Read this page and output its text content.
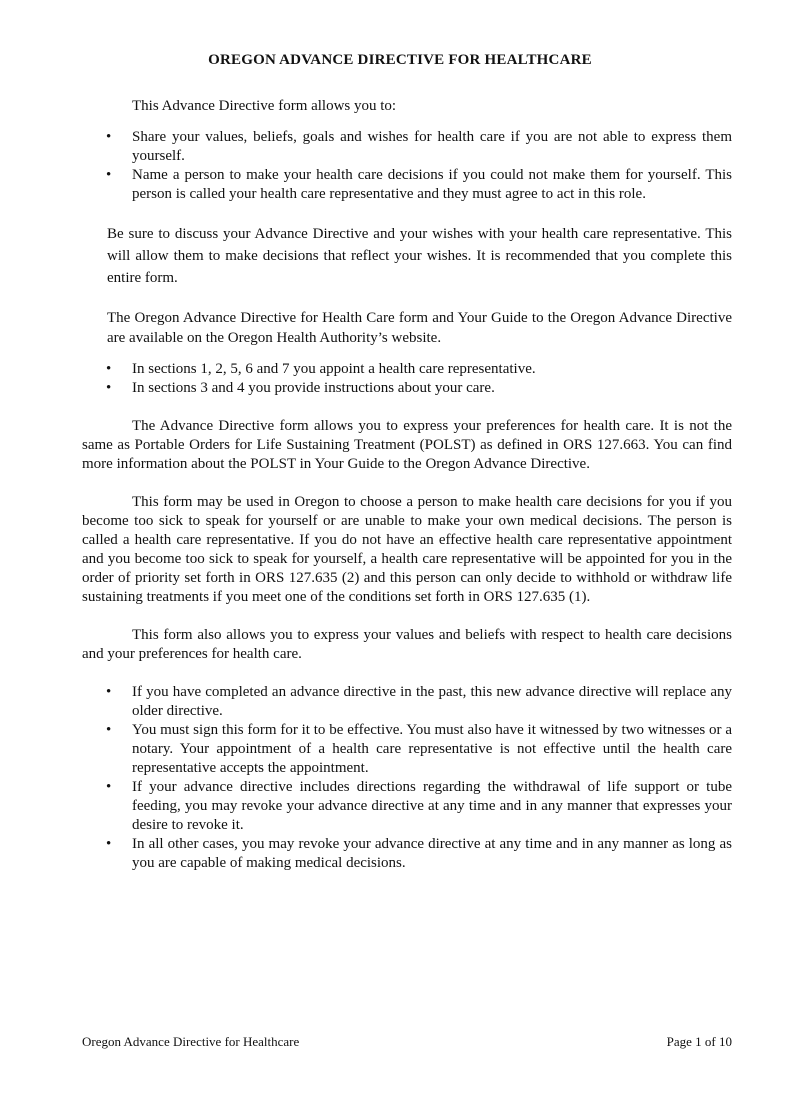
OREGON ADVANCE DIRECTIVE FOR HEALTHCARE

This Advance Directive form allows you to:

• Share your values, beliefs, goals and wishes for health care if you are not able to express them yourself.
• Name a person to make your health care decisions if you could not make them for yourself. This person is called your health care representative and they must agree to act in this role.

Be sure to discuss your Advance Directive and your wishes with your health care representative. This will allow them to make decisions that reflect your wishes. It is recommended that you complete this entire form.

The Oregon Advance Directive for Health Care form and Your Guide to the Oregon Advance Directive are available on the Oregon Health Authority’s website.

• In sections 1, 2, 5, 6 and 7 you appoint a health care representative.
• In sections 3 and 4 you provide instructions about your care.

The Advance Directive form allows you to express your preferences for health care. It is not the same as Portable Orders for Life Sustaining Treatment (POLST) as defined in ORS 127.663. You can find more information about the POLST in Your Guide to the Oregon Advance Directive.

This form may be used in Oregon to choose a person to make health care decisions for you if you become too sick to speak for yourself or are unable to make your own medical decisions. The person is called a health care representative. If you do not have an effective health care representative appointment and you become too sick to speak for yourself, a health care representative will be appointed for you in the order of priority set forth in ORS 127.635 (2) and this person can only decide to withhold or withdraw life sustaining treatments if you meet one of the conditions set forth in ORS 127.635 (1).

This form also allows you to express your values and beliefs with respect to health care decisions and your preferences for health care.

• If you have completed an advance directive in the past, this new advance directive will replace any older directive.
• You must sign this form for it to be effective. You must also have it witnessed by two witnesses or a notary. Your appointment of a health care representative is not effective until the health care representative accepts the appointment.
• If your advance directive includes directions regarding the withdrawal of life support or tube feeding, you may revoke your advance directive at any time and in any manner that expresses your desire to revoke it.
• In all other cases, you may revoke your advance directive at any time and in any manner as long as you are capable of making medical decisions.
Oregon Advance Directive for Healthcare	Page 1 of 10
